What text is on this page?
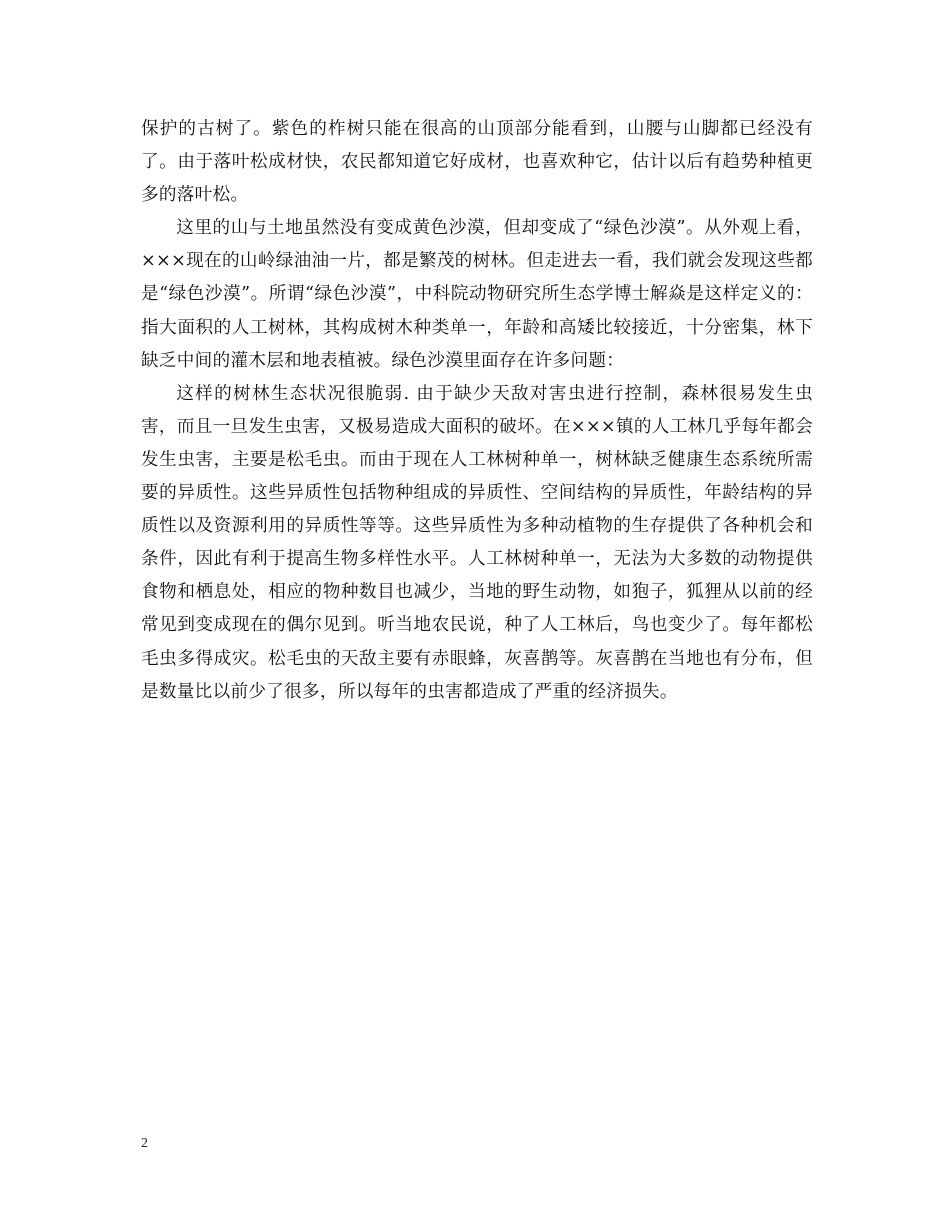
保护的古树了。紫色的柞树只能在很高的山顶部分能看到，山腰与山脚都已经没有了。由于落叶松成材快，农民都知道它好成材，也喜欢种它，估计以后有趋势种植更多的落叶松。

这里的山与土地虽然没有变成黄色沙漠，但却变成了“绿色沙漠”。从外观上看，×××现在的山岭绿油油一片，都是繁茂的树林。但走进去一看，我们就会发现这些都是“绿色沙漠”。所谓“绿色沙漠”，中科院动物研究所生态学博士解焱是这样定义的：指大面积的人工树林，其构成树木种类单一，年龄和高矮比较接近，十分密集，林下缺乏中间的灌木层和地表植被。绿色沙漠里面存在许多问题：

这样的树林生态状况很脆弱. 由于缺少天敌对害虫进行控制，森林很易发生虫害，而且一旦发生虫害，又极易造成大面积的破坏。在×××镇的人工林几乎每年都会发生虫害，主要是松毛虫。而由于现在人工林树种单一，树林缺乏健康生态系统所需要的异质性。这些异质性包括物种组成的异质性、空间结构的异质性，年龄结构的异质性以及资源利用的异质性等等。这些异质性为多种动植物的生存提供了各种机会和条件，因此有利于提高生物多样性水平。人工林树种单一，无法为大多数的动物提供食物和栖息处，相应的物种数目也减少，当地的野生动物，如狍子，狐狸从以前的经常见到变成现在的偶尔见到。听当地农民说，种了人工林后，鸟也变少了。每年都松毛虫多得成灾。松毛虫的天敌主要有赤眼蜂，灰喜鹊等。灰喜鹊在当地也有分布，但是数量比以前少了很多，所以每年的虫害都造成了严重的经济损失。

2
